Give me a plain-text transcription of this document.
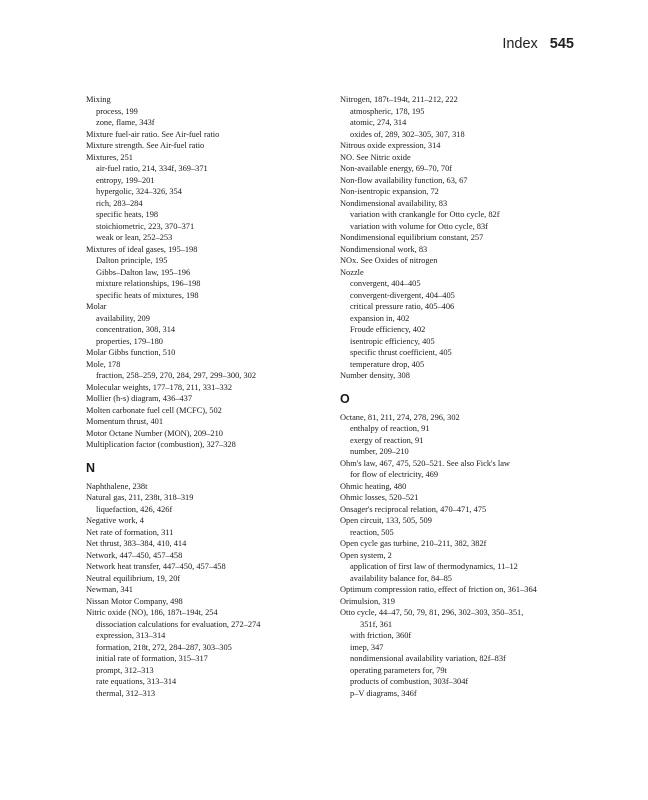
Index 545
Mixing
process, 199
zone, flame, 343f
Mixture fuel-air ratio. See Air-fuel ratio
Mixture strength. See Air-fuel ratio
Mixtures, 251
air-fuel ratio, 214, 334f, 369–371
entropy, 199–201
hypergolic, 324–326, 354
rich, 283–284
specific heats, 198
stoichiometric, 223, 370–371
weak or lean, 252–253
Mixtures of ideal gases, 195–198
Dalton principle, 195
Gibbs–Dalton law, 195–196
mixture relationships, 196–198
specific heats of mixtures, 198
Molar
availability, 209
concentration, 308, 314
properties, 179–180
Molar Gibbs function, 510
Mole, 178
fraction, 258–259, 270, 284, 297, 299–300, 302
Molecular weights, 177–178, 211, 331–332
Mollier (h-s) diagram, 436–437
Molten carbonate fuel cell (MCFC), 502
Momentum thrust, 401
Motor Octane Number (MON), 209–210
Multiplication factor (combustion), 327–328
N
Naphthalene, 238t
Natural gas, 211, 238t, 318–319
liquefaction, 426, 426f
Negative work, 4
Net rate of formation, 311
Net thrust, 383–384, 410, 414
Network, 447–450, 457–458
Network heat transfer, 447–450, 457–458
Neutral equilibrium, 19, 20f
Newman, 341
Nissan Motor Company, 498
Nitric oxide (NO), 186, 187t–194t, 254
dissociation calculations for evaluation, 272–274
expression, 313–314
formation, 218t, 272, 284–287, 303–305
initial rate of formation, 315–317
prompt, 312–313
rate equations, 313–314
thermal, 312–313
Nitrogen, 187t–194t, 211–212, 222
atmospheric, 178, 195
atomic, 274, 314
oxides of, 289, 302–305, 307, 318
Nitrous oxide expression, 314
NO. See Nitric oxide
Non-available energy, 69–70, 70f
Non-flow availability function, 63, 67
Non-isentropic expansion, 72
Nondimensional availability, 83
variation with crankangle for Otto cycle, 82f
variation with volume for Otto cycle, 83f
Nondimensional equilibrium constant, 257
Nondimensional work, 83
NOx. See Oxides of nitrogen
Nozzle
convergent, 404–405
convergent-divergent, 404–405
critical pressure ratio, 405–406
expansion in, 402
Froude efficiency, 402
isentropic efficiency, 405
specific thrust coefficient, 405
temperature drop, 405
Number density, 308
O
Octane, 81, 211, 274, 278, 296, 302
enthalpy of reaction, 91
exergy of reaction, 91
number, 209–210
Ohm's law, 467, 475, 520–521. See also Fick's law
for flow of electricity, 469
Ohmic heating, 480
Ohmic losses, 520–521
Onsager's reciprocal relation, 470–471, 475
Open circuit, 133, 505, 509
reaction, 505
Open cycle gas turbine, 210–211, 382, 382f
Open system, 2
application of first law of thermodynamics, 11–12
availability balance for, 84–85
Optimum compression ratio, effect of friction on, 361–364
Orimulsion, 319
Otto cycle, 44–47, 50, 79, 81, 296, 302–303, 350–351,
351f, 361
with friction, 360f
imep, 347
nondimensional availability variation, 82f–83f
operating parameters for, 79t
products of combustion, 303f–304f
p–V diagrams, 346f
